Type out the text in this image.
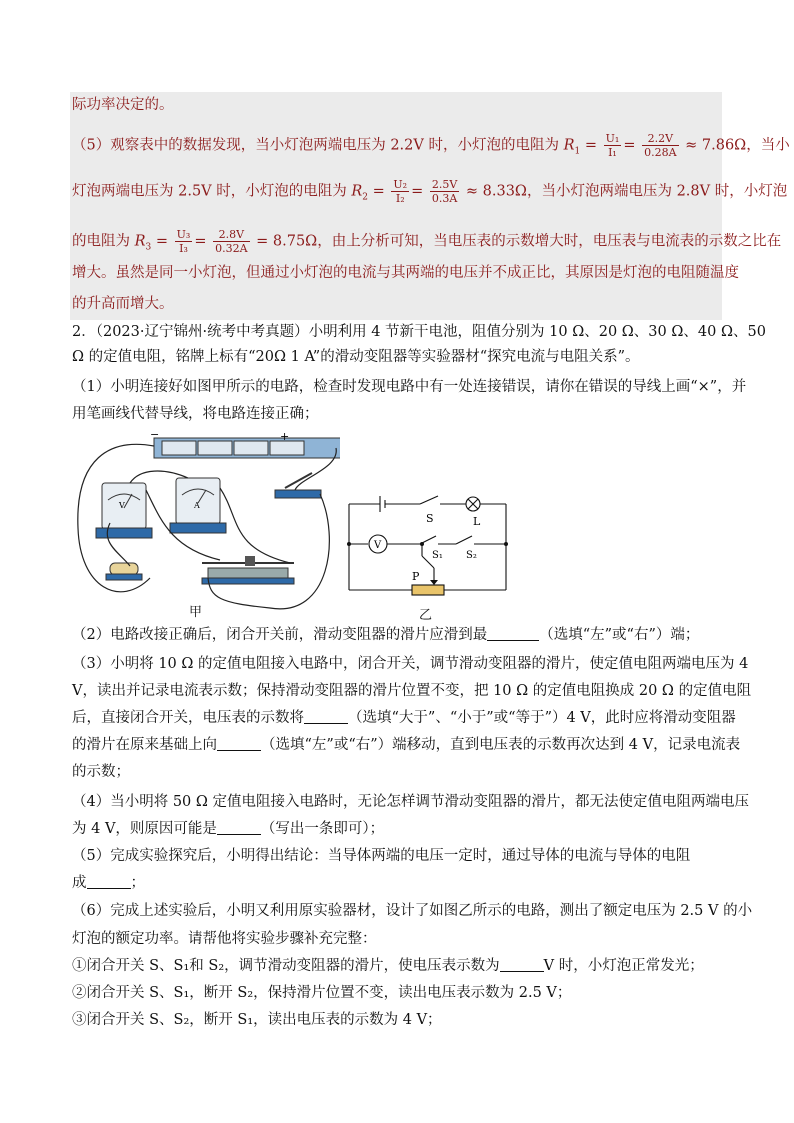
际功率决定的。
（5）观察表中的数据发现，当小灯泡两端电压为 2.2V 时，小灯泡的电阻为 $R_1 = \frac{\text{U₁}}{\text{I₁}} = \frac{2.2V}{0.28A} \approx 7.86\Omega$，当小
灯泡两端电压为 2.5V 时，小灯泡的电阻为 $R_2 = \frac{\text{U₂}}{\text{I₂}} = \frac{2.5V}{0.3A} \approx 8.33\Omega$，当小灯泡两端电压为 2.8V 时，小灯泡
的电阻为 $R_3 = \frac{\text{U₃}}{\text{I₃}} = \frac{2.8V}{0.32A} = 8.75\Omega$，由上分析可知，当电压表的示数增大时，电压表与电流表的示数之比在
增大。虽然是同一小灯泡，但通过小灯泡的电流与其两端的电压并不成正比，其原因是灯泡的电阻随温度
的升高而增大。
2．（2023·辽宁锦州·统考中考真题）小明利用 4 节新干电池，阻值分别为 10 Ω、20 Ω、30 Ω、40 Ω、50
Ω 的定值电阻，铭牌上标有“20Ω 1 A”的滑动变阻器等实验器材“探究电流与电阻关系”。
（1）小明连接好如图甲所示的电路，检查时发现电路中有一处连接错误，请你在错误的导线上画“×”，并
用笔画线代替导线，将电路连接正确；
−	+
V	A
甲
S	L
V
S₁ S₂
P
乙
（2）电路改接正确后，闭合开关前，滑动变阻器的滑片应滑到最	（选填“左”或“右”）端；
（3）小明将 10 Ω 的定值电阻接入电路中，闭合开关，调节滑动变阻器的滑片，使定值电阻两端电压为 4
V，读出并记录电流表示数；保持滑动变阻器的滑片位置不变，把 10 Ω 的定值电阻换成 20 Ω 的定值电阻
后，直接闭合开关，电压表的示数将	（选填“大于”、“小于”或“等于”）4 V，此时应将滑动变阻器
的滑片在原来基础上向	（选填“左”或“右”）端移动，直到电压表的示数再次达到 4 V，记录电流表
的示数；
（4）当小明将 50 Ω 定值电阻接入电路时，无论怎样调节滑动变阻器的滑片，都无法使定值电阻两端电压
为 4 V，则原因可能是	（写出一条即可）；
（5）完成实验探究后，小明得出结论：当导体两端的电压一定时，通过导体的电流与导体的电阻
成	；
（6）完成上述实验后，小明又利用原实验器材，设计了如图乙所示的电路，测出了额定电压为 2.5 V 的小
灯泡的额定功率。请帮他将实验步骤补充完整：
①闭合开关 S、S₁和 S₂，调节滑动变阻器的滑片，使电压表示数为	V 时，小灯泡正常发光；
②闭合开关 S、S₁，断开 S₂，保持滑片位置不变，读出电压表示数为 2.5 V；
③闭合开关 S、S₂，断开 S₁，读出电压表的示数为 4 V；
